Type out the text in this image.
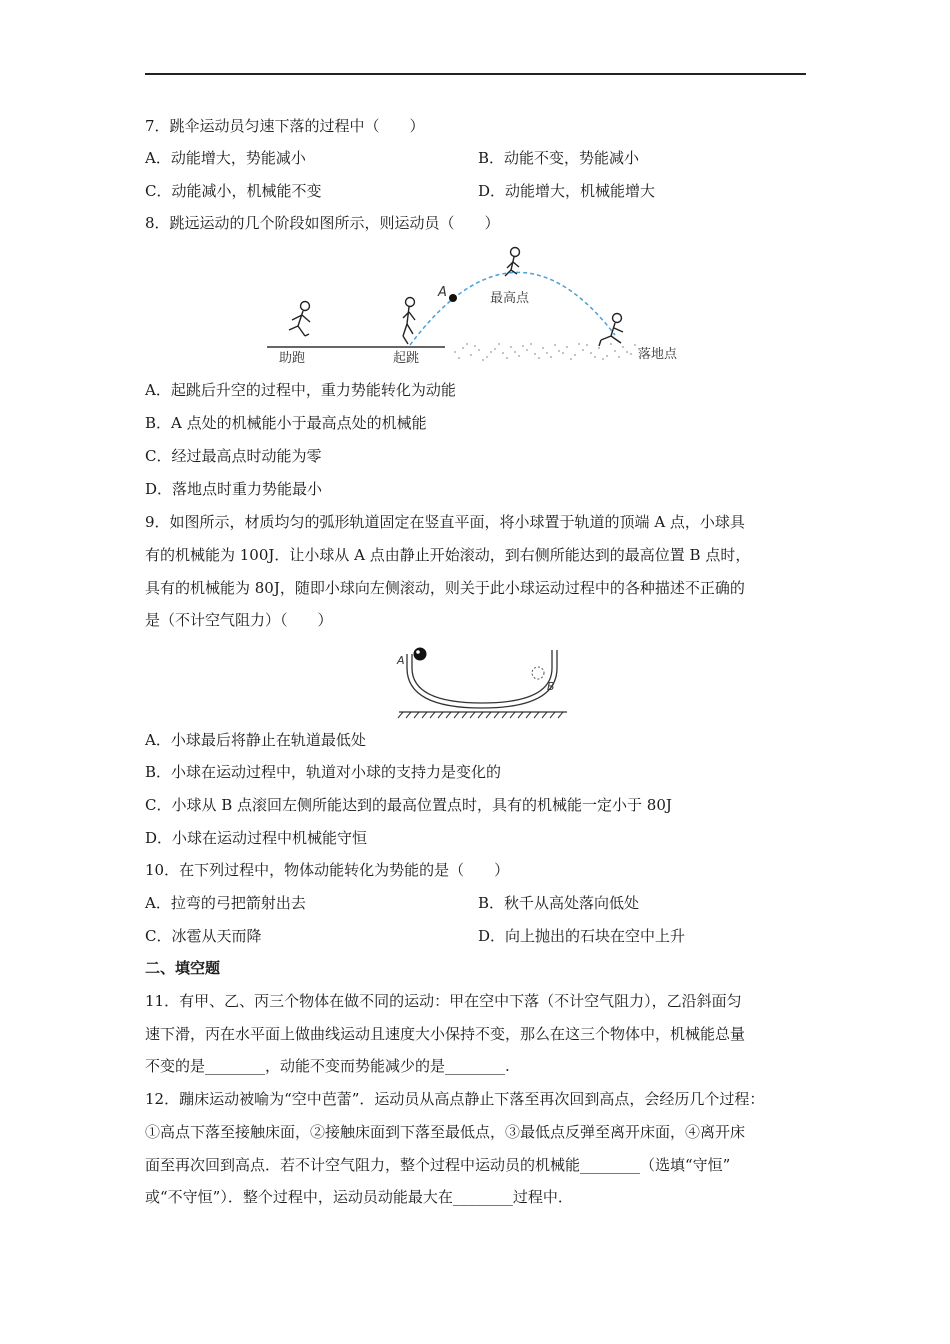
7．跳伞运动员匀速下落的过程中（　　）
A．动能增大，势能减小	B．动能不变，势能减小
C．动能减小，机械能不变	D．动能增大，机械能增大
8．跳远运动的几个阶段如图所示，则运动员（　　）
A
助跑	起跳
最高点
落地点
A．起跳后升空的过程中，重力势能转化为动能
B．A 点处的机械能小于最高点处的机械能
C．经过最高点时动能为零
D．落地点时重力势能最小
9．如图所示，材质均匀的弧形轨道固定在竖直平面，将小球置于轨道的顶端 A 点，小球具
有的机械能为 100J．让小球从 A 点由静止开始滚动，到右侧所能达到的最高位置 B 点时，
具有的机械能为 80J，随即小球向左侧滚动，则关于此小球运动过程中的各种描述不正确的
是（不计空气阻力）（　　）
A
B
A．小球最后将静止在轨道最低处
B．小球在运动过程中，轨道对小球的支持力是变化的
C．小球从 B 点滚回左侧所能达到的最高位置点时，具有的机械能一定小于 80J
D．小球在运动过程中机械能守恒
10．在下列过程中，物体动能转化为势能的是（　　）
A．拉弯的弓把箭射出去	B．秋千从高处落向低处
C．冰雹从天而降	D．向上抛出的石块在空中上升
二、填空题
11．有甲、乙、丙三个物体在做不同的运动：甲在空中下落（不计空气阻力），乙沿斜面匀
速下滑，丙在水平面上做曲线运动且速度大小保持不变，那么在这三个物体中，机械能总量
不变的是________，动能不变而势能减少的是________.
12．蹦床运动被喻为“空中芭蕾”．运动员从高点静止下落至再次回到高点，会经历几个过程：
①高点下落至接触床面，②接触床面到下落至最低点，③最低点反弹至离开床面，④离开床
面至再次回到高点．若不计空气阻力，整个过程中运动员的机械能________（选填“守恒”
或“不守恒”）．整个过程中，运动员动能最大在________过程中．
